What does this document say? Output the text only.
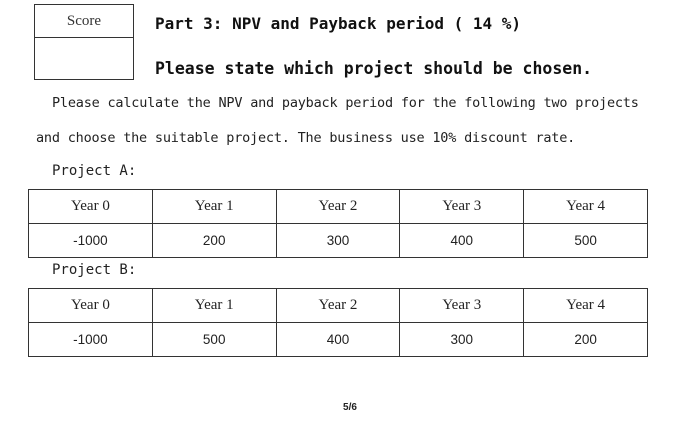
Score	Part 3: NPV and Payback period ( 14 %)
Please state which project should be chosen.
Please calculate the NPV and payback period for the following two projects
and choose the suitable project. The business use 10% discount rate.
Project A:
Year 0	Year 1	Year 2	Year 3	Year 4
-1000	200	300	400	500
Project B:
Year 0	Year 1	Year 2	Year 3	Year 4
-1000	500	400	300	200
5/6
